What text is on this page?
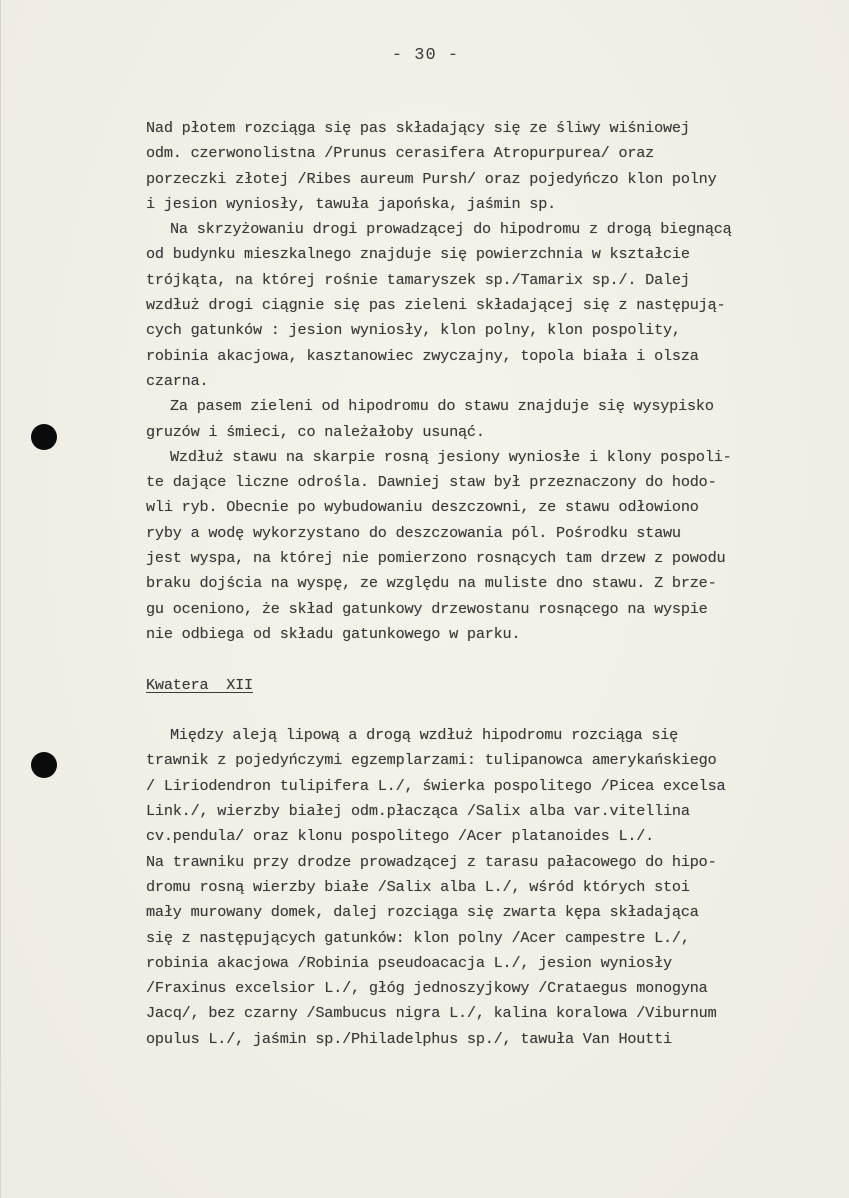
- 30 -
Nad płotem rozciąga się pas składający się ze śliwy wiśniowej
odm. czerwonolistna /Prunus cerasifera Atropurpurea/ oraz
porzeczki złotej /Ribes aureum Pursh/ oraz pojedyńczo klon polny
i jesion wyniosły, tawuła japońska, jaśmin sp.
Na skrzyżowaniu drogi prowadzącej do hipodromu z drogą biegnącą
od budynku mieszkalnego znajduje się powierzchnia w kształcie
trójkąta, na której rośnie tamaryszek sp./Tamarix sp./. Dalej
wzdłuż drogi ciągnie się pas zieleni składającej się z następują-
cych gatunków : jesion wyniosły, klon polny, klon pospolity,
robinia akacjowa, kasztanowiec zwyczajny, topola biała i olsza
czarna.
Za pasem zieleni od hipodromu do stawu znajduje się wysypisko
gruzów i śmieci, co należałoby usunąć.
Wzdłuż stawu na skarpie rosną jesiony wyniosłe i klony pospoli-
te dające liczne odrośla. Dawniej staw był przeznaczony do hodo-
wli ryb. Obecnie po wybudowaniu deszczowni, ze stawu odłowiono
ryby a wodę wykorzystano do deszczowania pól. Pośrodku stawu
jest wyspa, na której nie pomierzono rosnących tam drzew z powodu
braku dojścia na wyspę, ze względu na muliste dno stawu. Z brze-
gu oceniono, że skład gatunkowy drzewostanu rosnącego na wyspie
nie odbiega od składu gatunkowego w parku.
Kwatera  XII
Między aleją lipową a drogą wzdłuż hipodromu rozciąga się
trawnik z pojedyńczymi egzemplarzami: tulipanowca amerykańskiego
/ Liriodendron tulipifera L./, świerka pospolitego /Picea excelsa
Link./, wierzby białej odm.płacząca /Salix alba var.vitellina
cv.pendula/ oraz klonu pospolitego /Acer platanoides L./.
Na trawniku przy drodze prowadzącej z tarasu pałacowego do hipo-
dromu rosną wierzby białe /Salix alba L./, wśród których stoi
mały murowany domek, dalej rozciąga się zwarta kępa składająca
się z następujących gatunków: klon polny /Acer campestre L./,
robinia akacjowa /Robinia pseudoacacja L./, jesion wyniosły
/Fraxinus excelsior L./, głóg jednoszyjkowy /Crataegus monogyna
Jacq/, bez czarny /Sambucus nigra L./, kalina koralowa /Viburnum
opulus L./, jaśmin sp./Philadelphus sp./, tawuła Van Houtti
